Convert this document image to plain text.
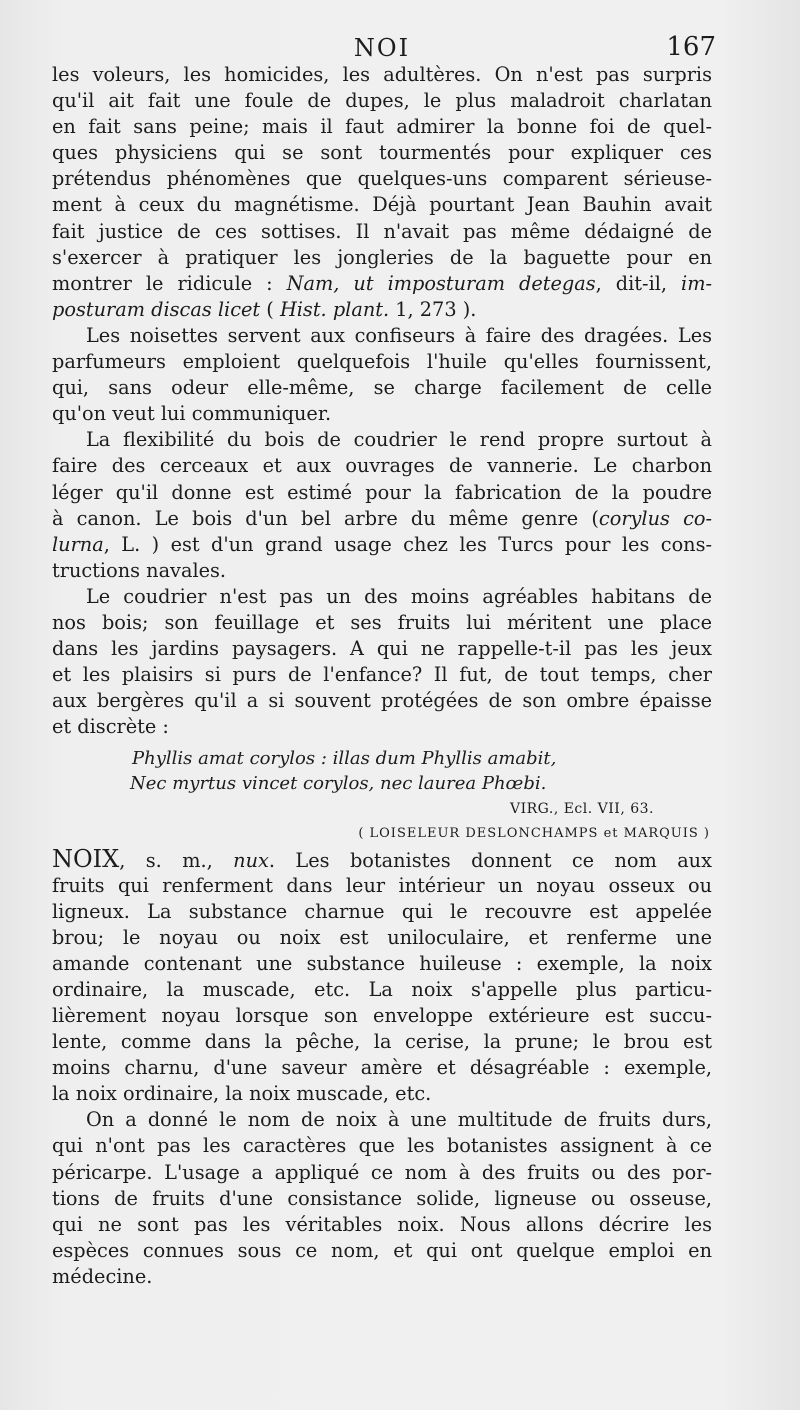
NOI	167
les voleurs, les homicides, les adultères. On n'est pas surpris
qu'il ait fait une foule de dupes, le plus maladroit charlatan
en fait sans peine; mais il faut admirer la bonne foi de quel-
ques physiciens qui se sont tourmentés pour expliquer ces
prétendus phénomènes que quelques-uns comparent sérieuse-
ment à ceux du magnétisme. Déjà pourtant Jean Bauhin avait
fait justice de ces sottises. Il n'avait pas même dédaigné de
s'exercer à pratiquer les jongleries de la baguette pour en
montrer le ridicule : Nam, ut imposturam detegas, dit-il, im-
posturam discas licet ( Hist. plant. 1, 273 ).
Les noisettes servent aux confiseurs à faire des dragées. Les
parfumeurs emploient quelquefois l'huile qu'elles fournissent,
qui, sans odeur elle-même, se charge facilement de celle
qu'on veut lui communiquer.
La flexibilité du bois de coudrier le rend propre surtout à
faire des cerceaux et aux ouvrages de vannerie. Le charbon
léger qu'il donne est estimé pour la fabrication de la poudre
à canon. Le bois d'un bel arbre du même genre (corylus co-
lurna, L. ) est d'un grand usage chez les Turcs pour les cons-
tructions navales.
Le coudrier n'est pas un des moins agréables habitans de
nos bois; son feuillage et ses fruits lui méritent une place
dans les jardins paysagers. A qui ne rappelle-t-il pas les jeux
et les plaisirs si purs de l'enfance? Il fut, de tout temps, cher
aux bergères qu'il a si souvent protégées de son ombre épaisse
et discrète :
Phyllis amat corylos : illas dum Phyllis amabit,
Nec myrtus vincet corylos, nec laurea Phœbi.
VIRG., Ecl. VII, 63.
( LOISELEUR DESLONCHAMPS et MARQUIS )
NOIX, s. m., nux. Les botanistes donnent ce nom aux
fruits qui renferment dans leur intérieur un noyau osseux ou
ligneux. La substance charnue qui le recouvre est appelée
brou; le noyau ou noix est uniloculaire, et renferme une
amande contenant une substance huileuse : exemple, la noix
ordinaire, la muscade, etc. La noix s'appelle plus particu-
lièrement noyau lorsque son enveloppe extérieure est succu-
lente, comme dans la pêche, la cerise, la prune; le brou est
moins charnu, d'une saveur amère et désagréable : exemple,
la noix ordinaire, la noix muscade, etc.
On a donné le nom de noix à une multitude de fruits durs,
qui n'ont pas les caractères que les botanistes assignent à ce
péricarpe. L'usage a appliqué ce nom à des fruits ou des por-
tions de fruits d'une consistance solide, ligneuse ou osseuse,
qui ne sont pas les véritables noix. Nous allons décrire les
espèces connues sous ce nom, et qui ont quelque emploi en
médecine.
